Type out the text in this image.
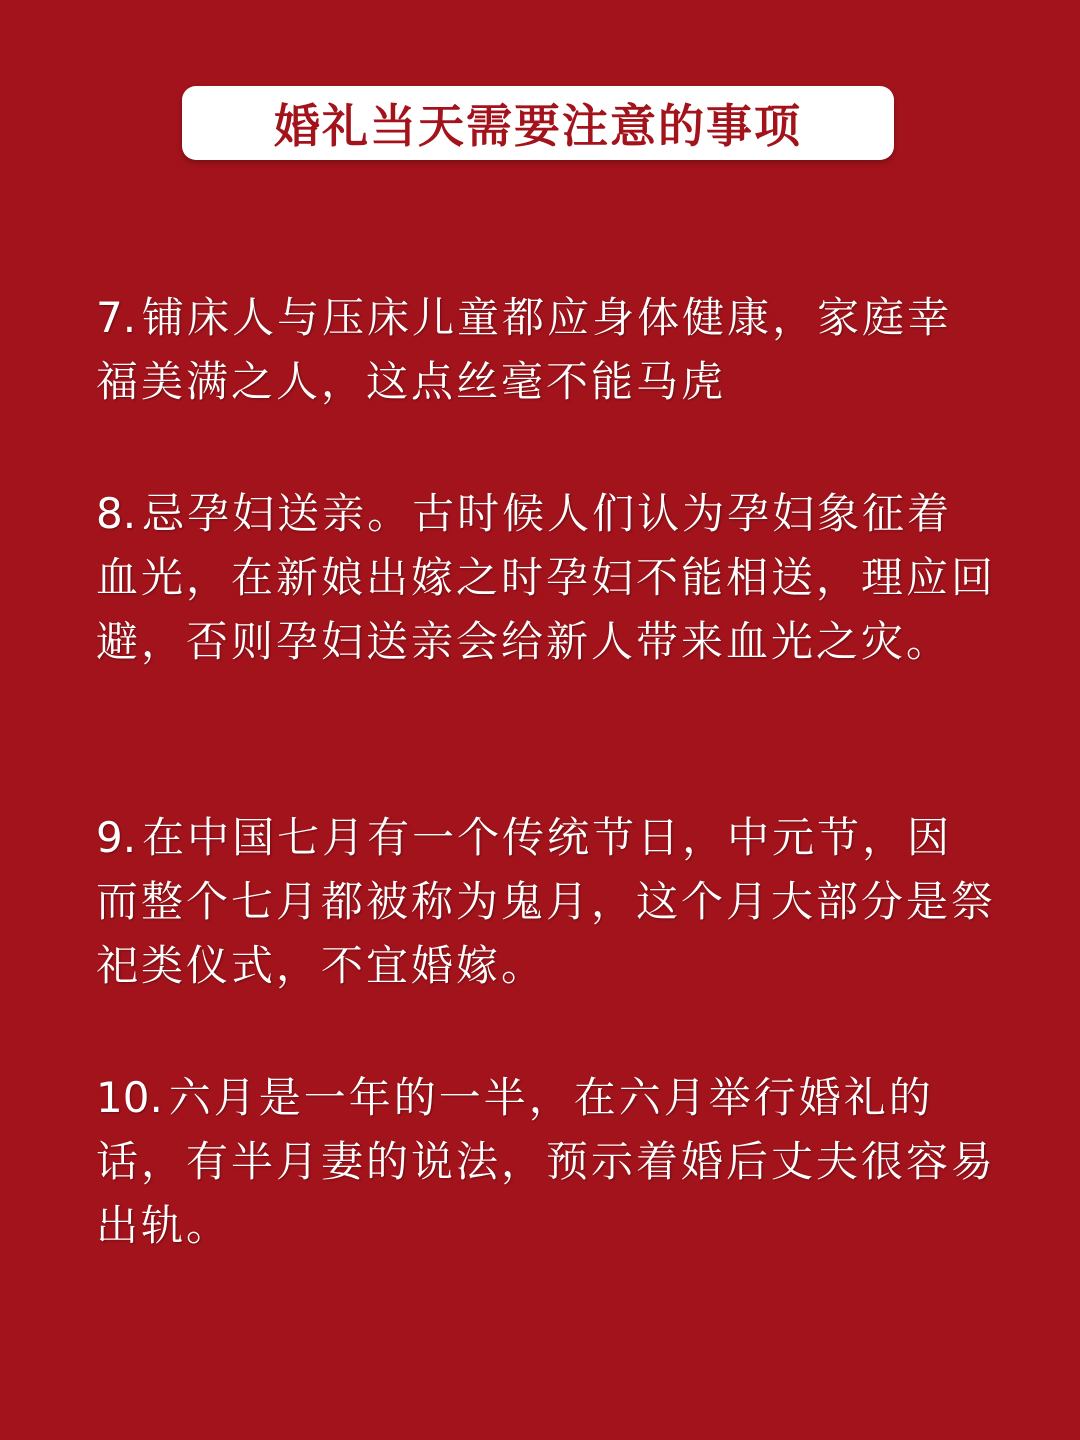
婚礼当天需要注意的事项
7. 铺床人与压床儿童都应身体健康，家庭幸福美满之人，这点丝毫不能马虎
8. 忌孕妇送亲。古时候人们认为孕妇象征着血光，在新娘出嫁之时孕妇不能相送，理应回避，否则孕妇送亲会给新人带来血光之灾。
9. 在中国七月有一个传统节日，中元节，因而整个七月都被称为鬼月，这个月大部分是祭祀类仪式，不宜婚嫁。
10. 六月是一年的一半，在六月举行婚礼的话，有半月妻的说法，预示着婚后丈夫很容易出轨。
